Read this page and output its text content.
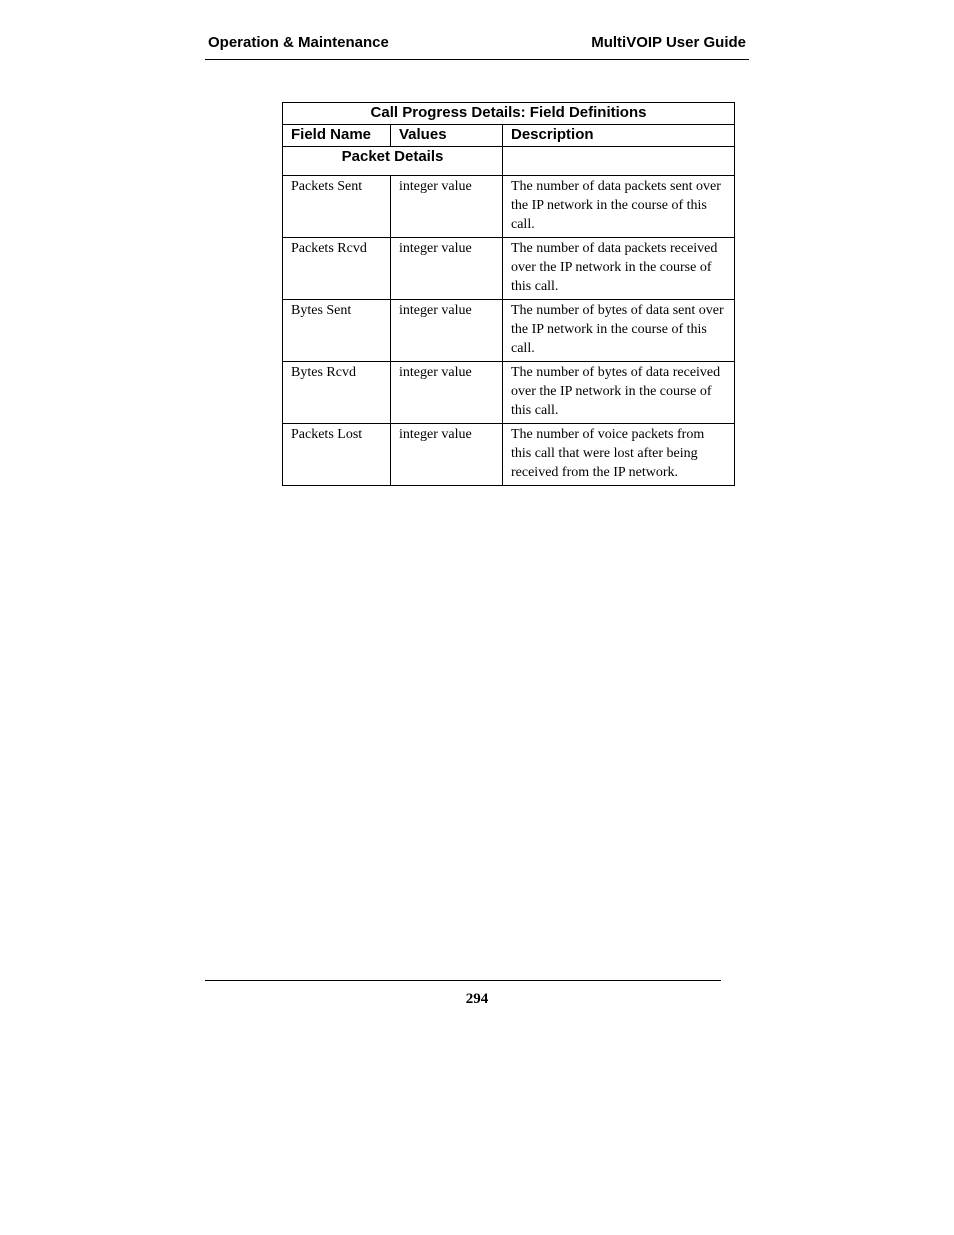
Operation & Maintenance	MultiVOIP User Guide
Call Progress Details: Field Definitions		
Field Name	Values	Description
Packet Details		
Packets Sent	integer value	The number of data packets sent over the IP network in the course of this call.
Packets Rcvd	integer value	The number of data packets received over the IP network in the course of this call.
Bytes Sent	integer value	The number of bytes of data sent over the IP network in the course of this call.
Bytes Rcvd	integer value	The number of bytes of data received over the IP network in the course of this call.
Packets Lost	integer value	The number of voice packets from this call that were lost after being received from the IP network.
294
